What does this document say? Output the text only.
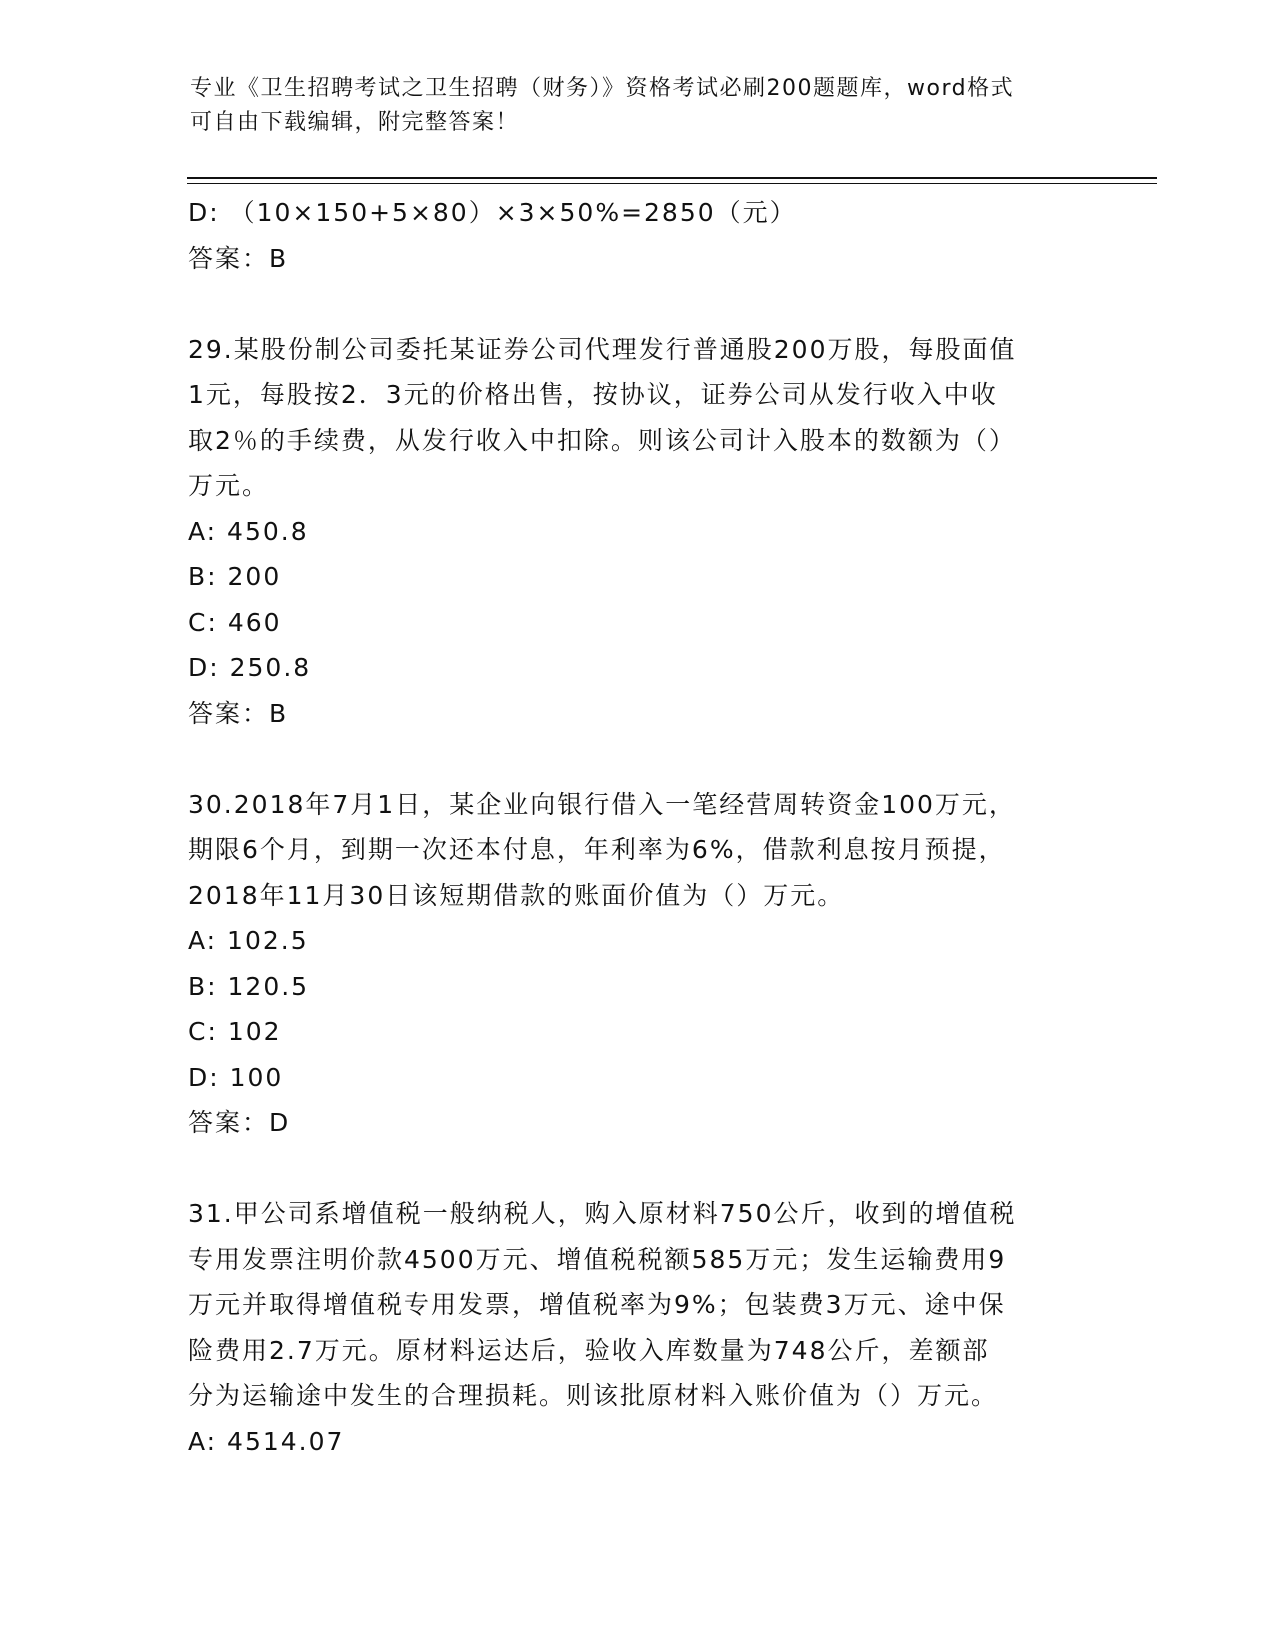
专业《卫生招聘考试之卫生招聘（财务）》资格考试必刷200题题库，word格式
可自由下载编辑，附完整答案！
D: （10×150+5×80）×3×50%=2850（元）
答案：B
29.某股份制公司委托某证券公司代理发行普通股200万股，每股面值
1元，每股按2．3元的价格出售，按协议，证券公司从发行收入中收
取2％的手续费，从发行收入中扣除。则该公司计入股本的数额为（）
万元。
A: 450.8
B: 200
C: 460
D: 250.8
答案：B
30.2018年7月1日，某企业向银行借入一笔经营周转资金100万元，
期限6个月，到期一次还本付息，年利率为6%，借款利息按月预提，
2018年11月30日该短期借款的账面价值为（）万元。
A: 102.5
B: 120.5
C: 102
D: 100
答案：D
31.甲公司系增值税一般纳税人，购入原材料750公斤，收到的增值税
专用发票注明价款4500万元、增值税税额585万元；发生运输费用9
万元并取得增值税专用发票，增值税率为9%；包装费3万元、途中保
险费用2.7万元。原材料运达后，验收入库数量为748公斤，差额部
分为运输途中发生的合理损耗。则该批原材料入账价值为（）万元。
A: 4514.07
